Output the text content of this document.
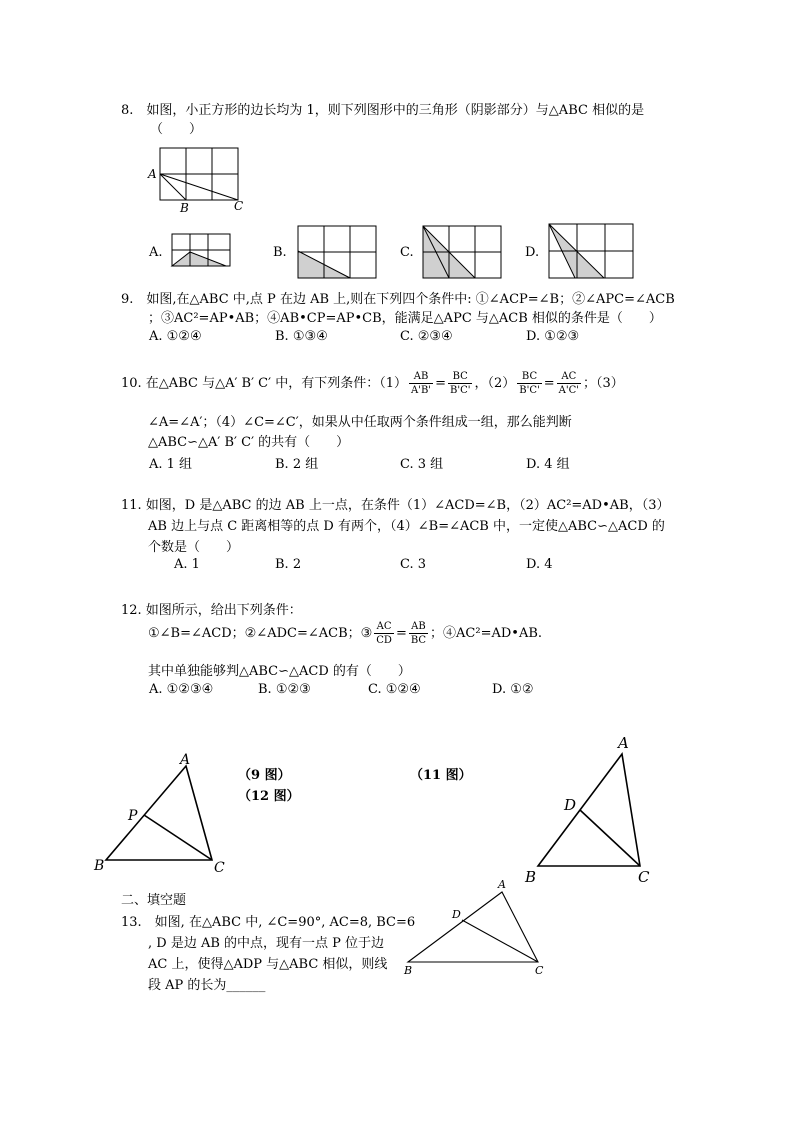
8.　如图，小正方形的边长均为 1，则下列图形中的三角形（阴影部分）与△ABC 相似的是
（　　）
A
B	C
A.	B.	C.	D.
9.　如图,在△ABC 中,点 P 在边 AB 上,则在下列四个条件中: ①∠ACP=∠B；②∠APC=∠ACB
；③AC²=AP•AB；④AB•CP=AP•CB，能满足△APC 与△ACB 相似的条件是（　　）
A. ①②④	B. ①③④	C. ②③④	D. ①②③
10. 在△ABC 与△A′ B′ C′ 中，有下列条件：$(1) \frac{AB}{A'B'} = \frac{BC}{B'C'}$ ，$(2) \frac{BC}{B'C'} = \frac{AC}{A'C'}$ ；（3）
∠A=∠A′；（4）∠C=∠C′，如果从中任取两个条件组成一组，那么能判断
△ABC∽△A′ B′ C′ 的共有（　　）
A. 1 组	B. 2 组	C. 3 组	D. 4 组
11. 如图，D 是△ABC 的边 AB 上一点，在条件（1）∠ACD=∠B，（2）AC²=AD•AB，（3）
AB 边上与点 C 距离相等的点 D 有两个，（4）∠B=∠ACB 中，一定使△ABC∽△ACD 的
个数是（　　）
A. 1	B. 2	C. 3	D. 4
12. 如图所示，给出下列条件：
①∠B=∠ACD；②∠ADC=∠ACB；③ $\frac{AC}{CD} = \frac{AB}{BC}$ ；④AC²=AD•AB.
其中单独能够判△ABC∽△ACD 的有（　　）
A. ①②③④	B. ①②③	C. ①②④	D. ①②
A
P
B	C
（9 图）
（12 图）
（11 图）
A
D
B	C
二、填空题
13.　如图, 在△ABC 中, ∠C=90°, AC=8, BC=6
, D 是边 AB 的中点，现有一点 P 位于边
AC 上，使得△ADP 与△ABC 相似，则线
段 AP 的长为______
A
D
B	C
